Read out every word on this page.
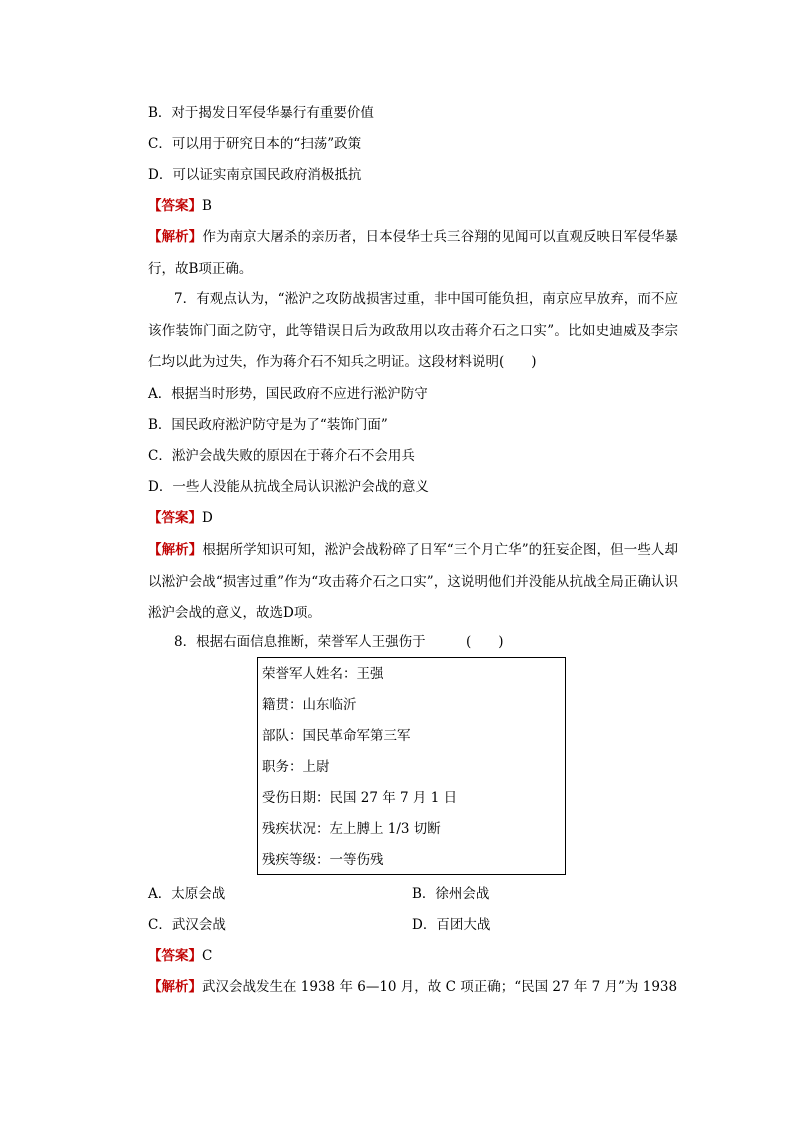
B．对于揭发日军侵华暴行有重要价值
C．可以用于研究日本的“扫荡”政策
D．可以证实南京国民政府消极抵抗
【答案】B
【解析】作为南京大屠杀的亲历者，日本侵华士兵三谷翔的见闻可以直观反映日军侵华暴行，故B项正确。
7．有观点认为，“淞沪之攻防战损害过重，非中国可能负担，南京应早放弃，而不应该作装饰门面之防守，此等错误日后为政敌用以攻击蒋介石之口实”。比如史迪威及李宗仁均以此为过失，作为蒋介石不知兵之明证。这段材料说明(　　)
A．根据当时形势，国民政府不应进行淞沪防守
B．国民政府淞沪防守是为了“装饰门面”
C．淞沪会战失败的原因在于蒋介石不会用兵
D．一些人没能从抗战全局认识淞沪会战的意义
【答案】D
【解析】根据所学知识可知，淞沪会战粉碎了日军“三个月亡华”的狂妄企图，但一些人却以淞沪会战“损害过重”作为“攻击蒋介石之口实”，这说明他们并没能从抗战全局正确认识淞沪会战的意义，故选D项。
8．根据右面信息推断，荣誉军人王强伤于	(　　)
荣誉军人姓名：王强
籍贯：山东临沂
部队：国民革命军第三军
职务：上尉
受伤日期：民国 27 年 7 月 1 日
残疾状况：左上膊上 1/3 切断
残疾等级：一等伤残
A．太原会战	B．徐州会战
C．武汉会战	D．百团大战
【答案】C
【解析】武汉会战发生在 1938 年 6—10 月，故 C 项正确；“民国 27 年 7 月”为 1938
